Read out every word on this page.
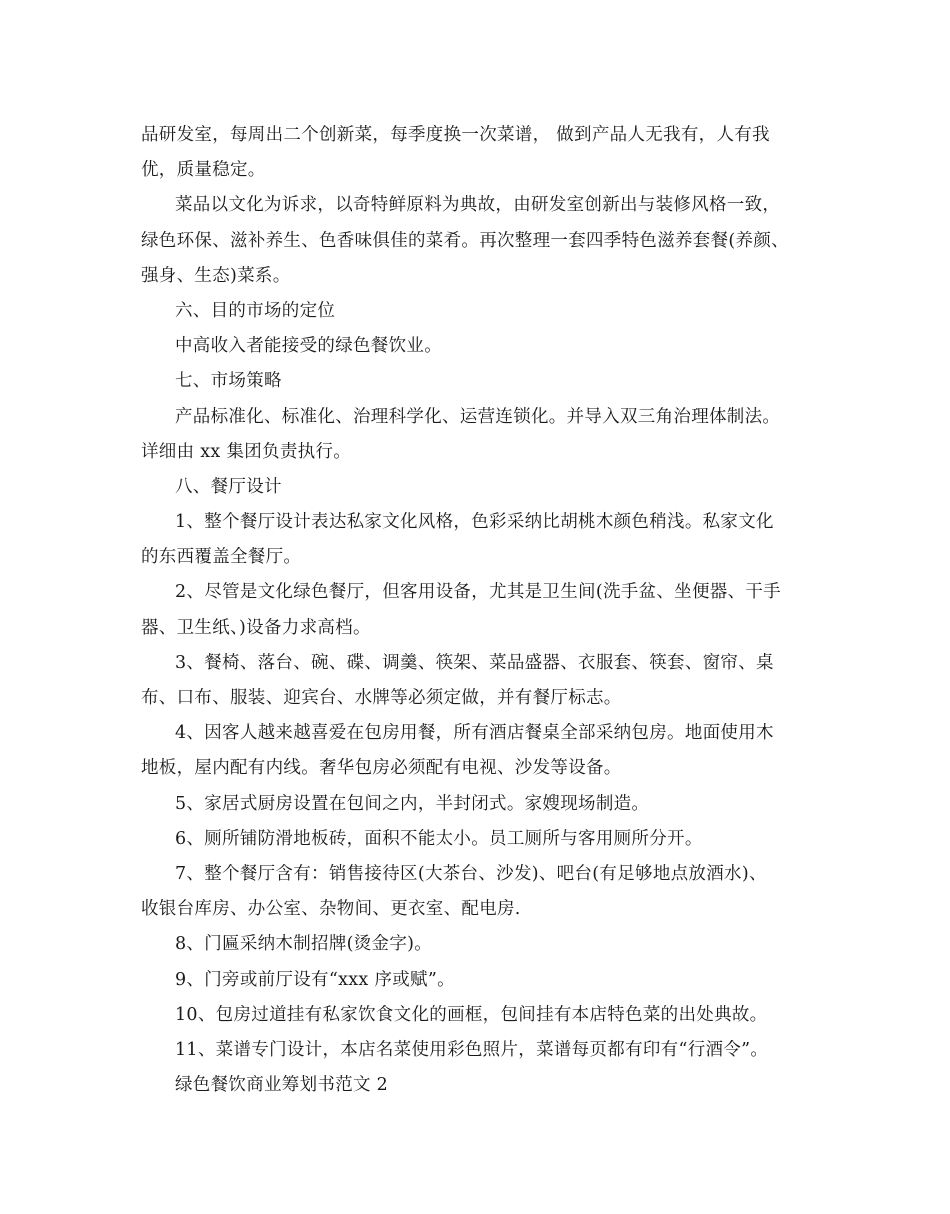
品研发室，每周出二个创新菜，每季度换一次菜谱， 做到产品人无我有，人有我
优，质量稳定。
菜品以文化为诉求，以奇特鲜原料为典故，由研发室创新出与装修风格一致，
绿色环保、滋补养生、色香味俱佳的菜肴。再次整理一套四季特色滋养套餐(养颜、
强身、生态)菜系。
六、目的市场的定位
中高收入者能接受的绿色餐饮业。
七、市场策略
产品标准化、标准化、治理科学化、运营连锁化。并导入双三角治理体制法。
详细由 xx 集团负责执行。
八、餐厅设计
1、整个餐厅设计表达私家文化风格，色彩采纳比胡桃木颜色稍浅。私家文化
的东西覆盖全餐厅。
2、尽管是文化绿色餐厅，但客用设备，尤其是卫生间(洗手盆、坐便器、干手
器、卫生纸、)设备力求高档。
3、餐椅、落台、碗、碟、调羹、筷架、菜品盛器、衣服套、筷套、窗帘、桌
布、口布、服装、迎宾台、水牌等必须定做，并有餐厅标志。
4、因客人越来越喜爱在包房用餐，所有酒店餐桌全部采纳包房。地面使用木
地板，屋内配有内线。奢华包房必须配有电视、沙发等设备。
5、家居式厨房设置在包间之内，半封闭式。家嫂现场制造。
6、厕所铺防滑地板砖，面积不能太小。员工厕所与客用厕所分开。
7、整个餐厅含有：销售接待区(大茶台、沙发)、吧台(有足够地点放酒水)、
收银台库房、办公室、杂物间、更衣室、配电房.
8、门匾采纳木制招牌(烫金字)。
9、门旁或前厅设有“xxx 序或赋”。
10、包房过道挂有私家饮食文化的画框，包间挂有本店特色菜的出处典故。
11、菜谱专门设计，本店名菜使用彩色照片，菜谱每页都有印有“行酒令”。
绿色餐饮商业筹划书范文 2
